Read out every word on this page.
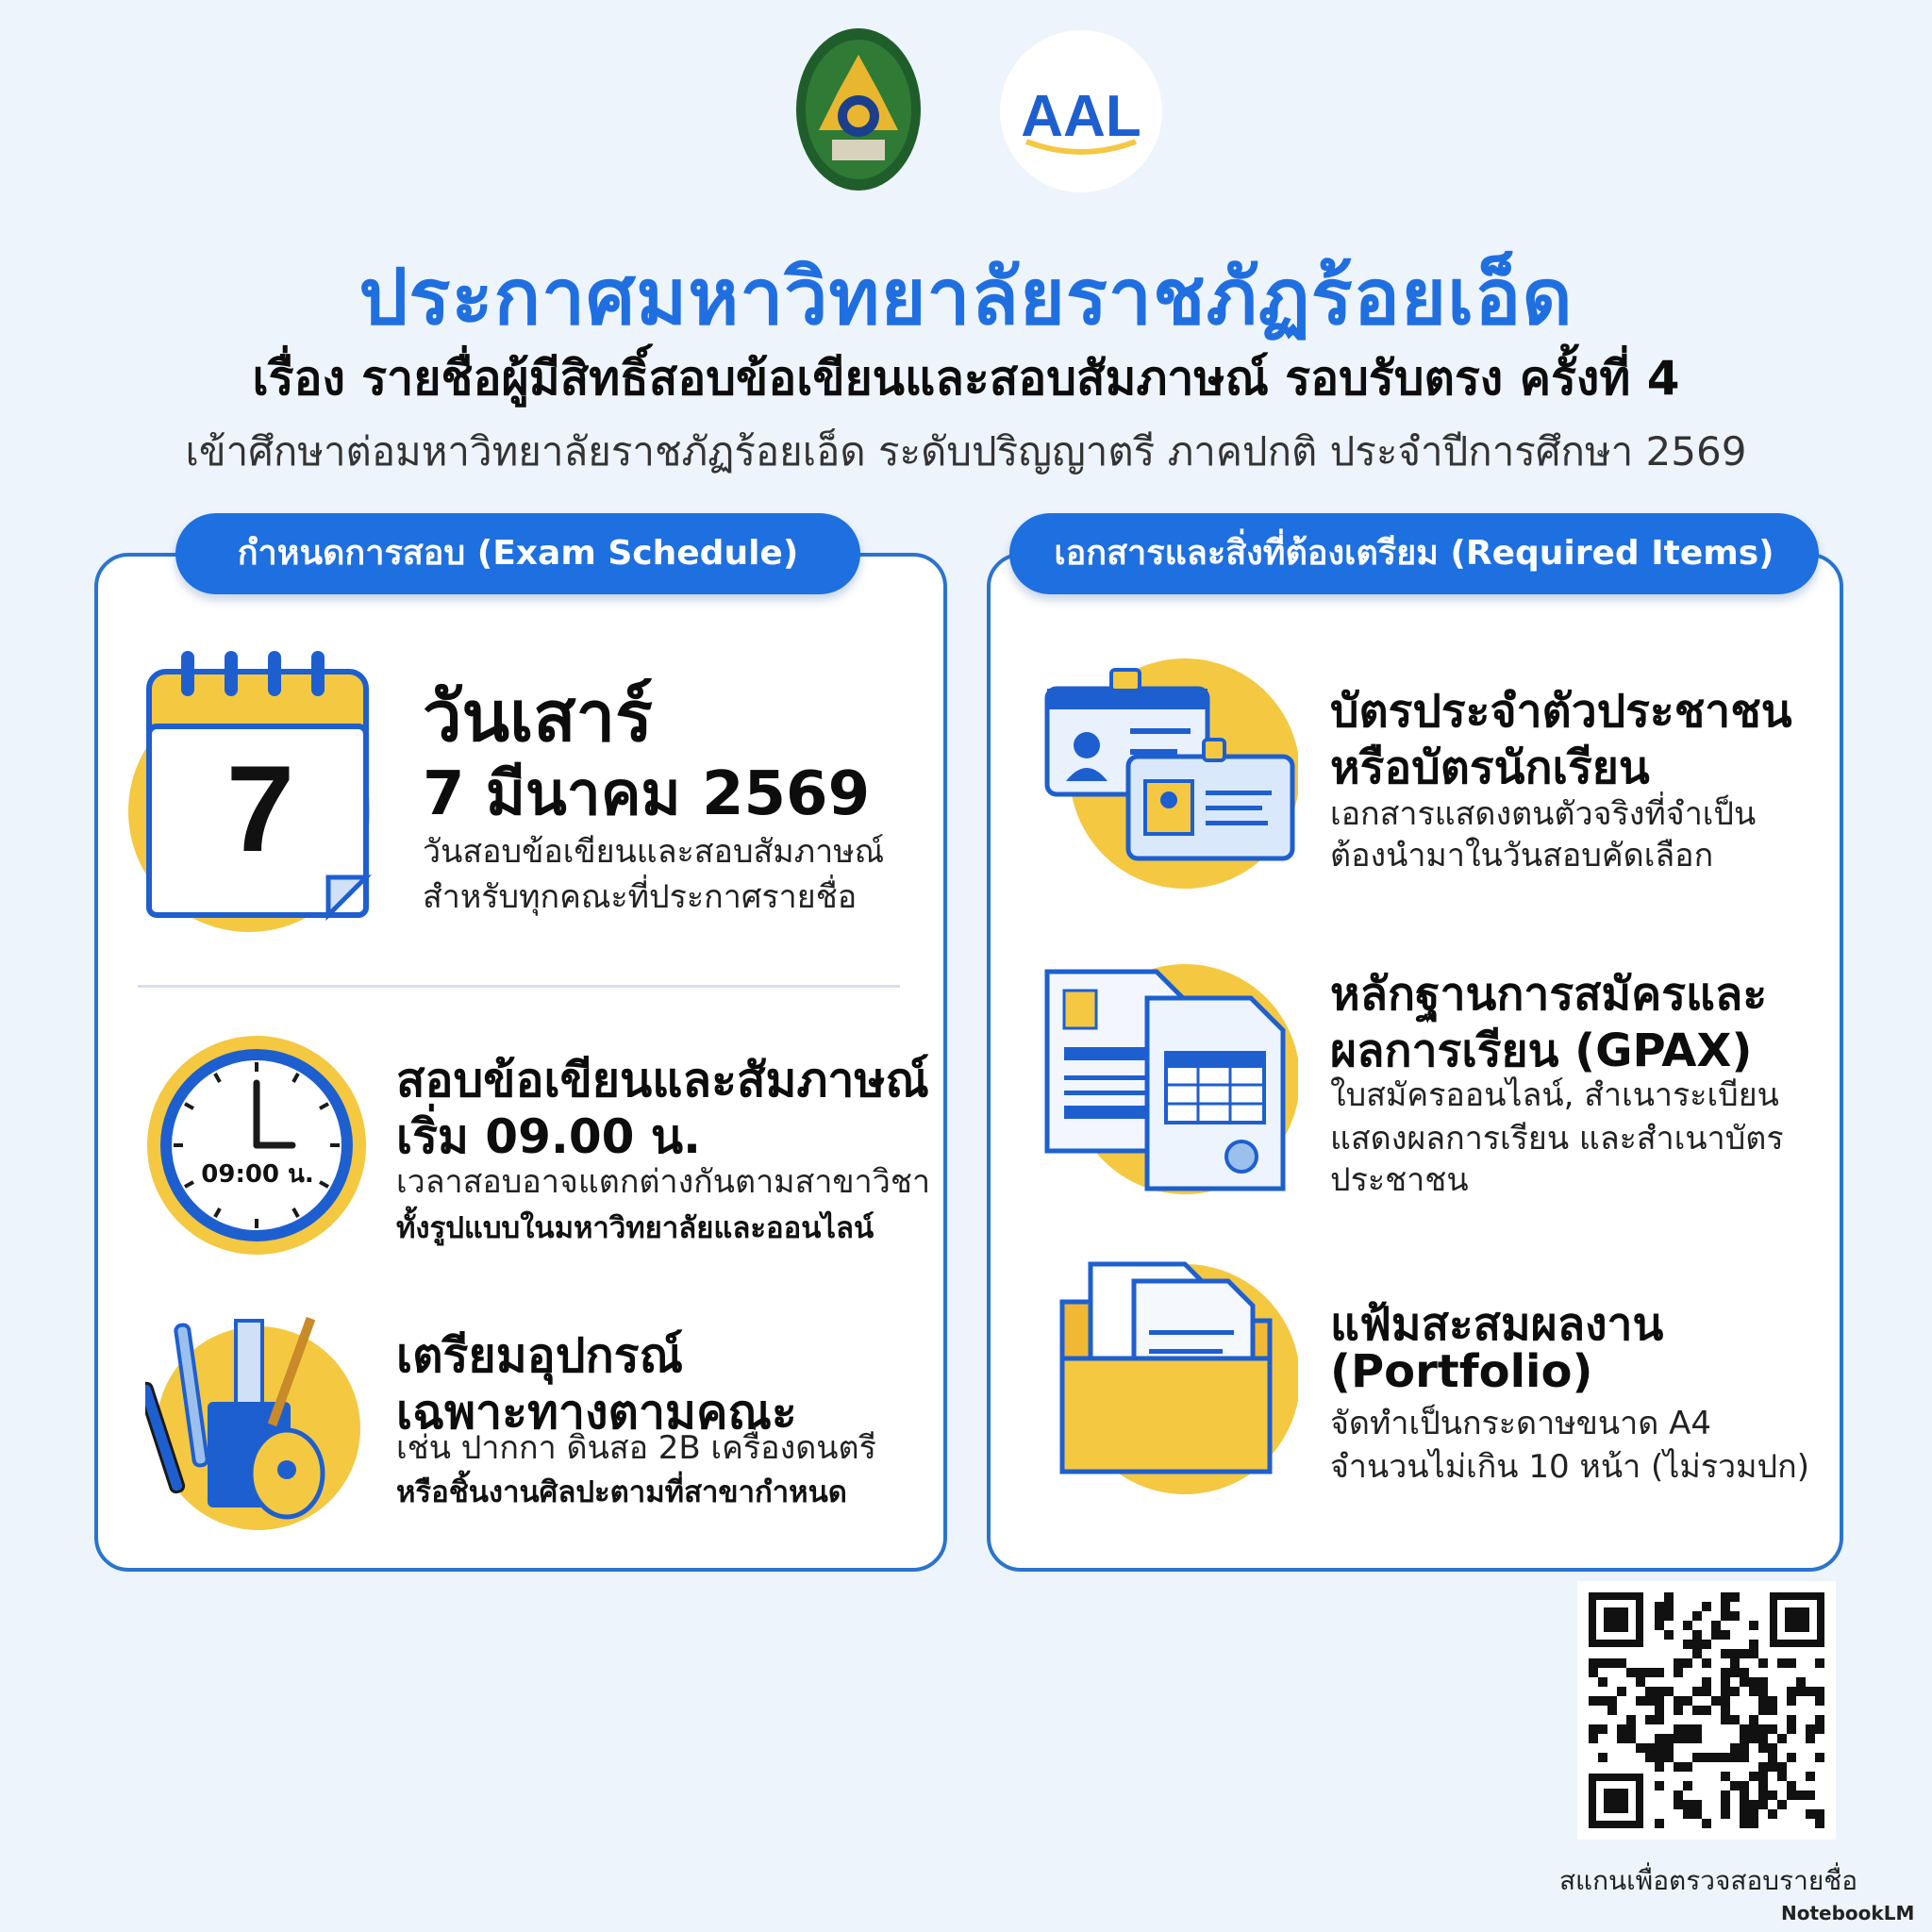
AAL
ประกาศมหาวิทยาลัยราชภัฏร้อยเอ็ด
เรื่อง รายชื่อผู้มีสิทธิ์สอบข้อเขียนและสอบสัมภาษณ์ รอบรับตรง ครั้งที่ 4
เข้าศึกษาต่อมหาวิทยาลัยราชภัฏร้อยเอ็ด ระดับปริญญาตรี ภาคปกติ ประจำปีการศึกษา 2569
กำหนดการสอบ (Exam Schedule)
7
วันเสาร์
7 มีนาคม 2569
วันสอบข้อเขียนและสอบสัมภาษณ์
สำหรับทุกคณะที่ประกาศรายชื่อ
09:00 น.
สอบข้อเขียนและสัมภาษณ์
เริ่ม 09.00 น.
เวลาสอบอาจแตกต่างกันตามสาขาวิชา
ทั้งรูปแบบในมหาวิทยาลัยและออนไลน์
เตรียมอุปกรณ์
เฉพาะทางตามคณะ
เช่น ปากกา ดินสอ 2B เครื่องดนตรี
หรือชิ้นงานศิลปะตามที่สาขากำหนด
เอกสารและสิ่งที่ต้องเตรียม (Required Items)
บัตรประจำตัวประชาชน
หรือบัตรนักเรียน
เอกสารแสดงตนตัวจริงที่จำเป็น
ต้องนำมาในวันสอบคัดเลือก
หลักฐานการสมัครและ
ผลการเรียน (GPAX)
ใบสมัครออนไลน์, สำเนาระเบียน
แสดงผลการเรียน และสำเนาบัตร
ประชาชน
แฟ้มสะสมผลงาน
(Portfolio)
จัดทำเป็นกระดาษขนาด A4
จำนวนไม่เกิน 10 หน้า (ไม่รวมปก)
สแกนเพื่อตรวจสอบรายชื่อ
NotebookLM
